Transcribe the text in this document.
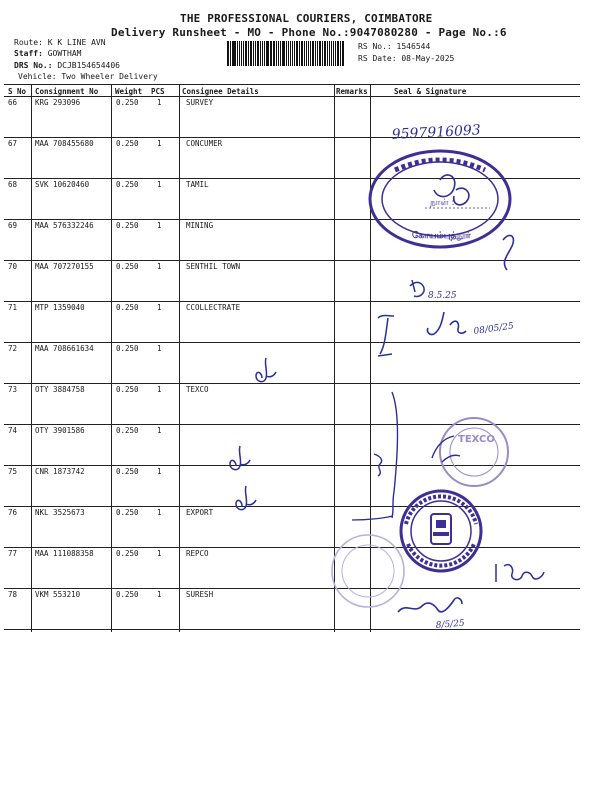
THE PROFESSIONAL COURIERS, COIMBATORE
Delivery Runsheet - MO - Phone No.:9047080280 - Page No.:6
Route: K K LINE AVN
Staff: GOWTHAM
DRS No.: DCJB154654406
Vehicle: Two Wheeler Delivery
RS No.: 1546544
RS Date: 08-May-2025
S No Consignment No Weight PCS Consignee Details	Remarks	Seal & Signature
66 KRG 293096	0.250 1	SURVEY
67 MAA 708455680	0.250 1	CONCUMER
68 SVK 10620460	0.250 1	TAMIL
69 MAA 576332246	0.250 1	MINING
70 MAA 707270155	0.250 1	SENTHIL TOWN
71 MTP 1359040	0.250 1	CCOLLECTRATE
72 MAA 708661634	0.250 1
73 OTY 3884758	0.250 1	TEXCO
74 OTY 3901586	0.250 1
75 CNR 1873742	0.250 1
76 NKL 3525673	0.250 1	EXPORT
77 MAA 111088358	0.250 1	REPCO
78 VKM 553210	0.250 1	SURESH
9597916093
நாள் :
கோயம்புத்தூர்
8.5.25
08/05/25
TEXCO
8/5/25
